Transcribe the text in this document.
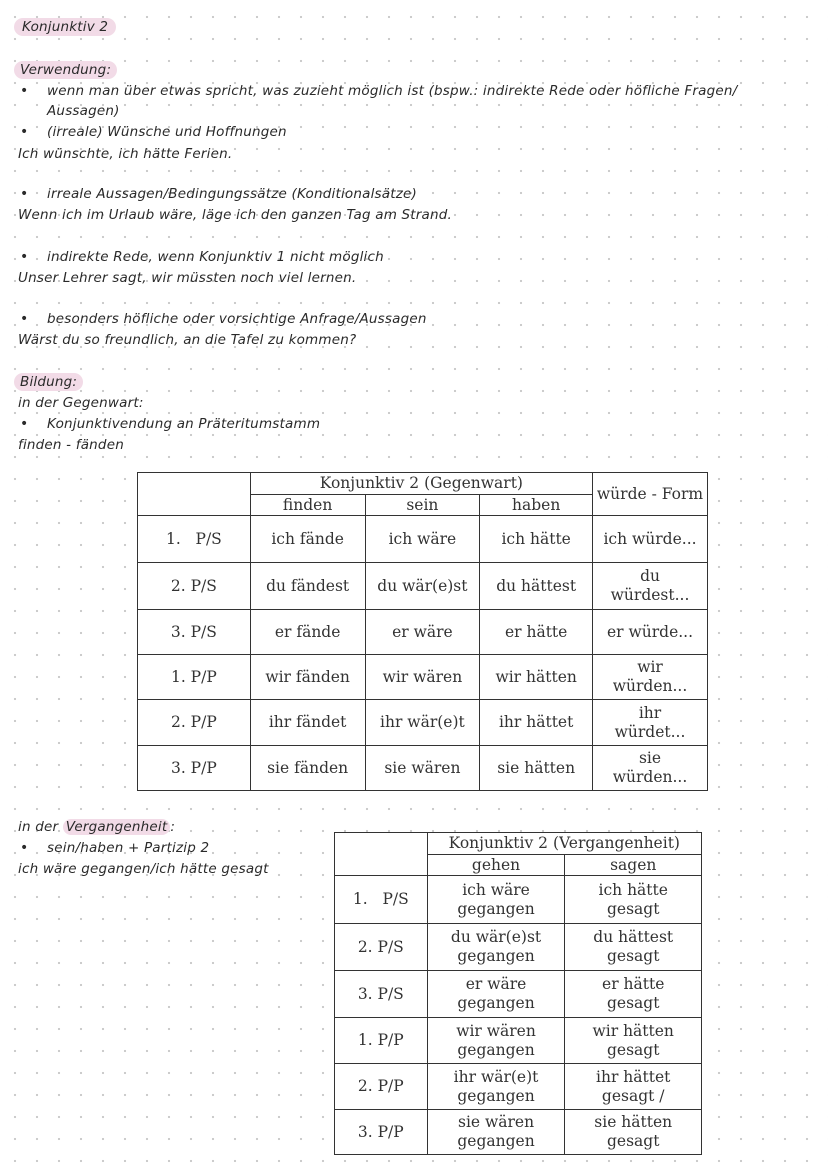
Konjunktiv 2
Verwendung:
• wenn man über etwas spricht, was zuzieht möglich ist (bspw.: indirekte Rede oder höfliche Fragen/
Aussagen)
• (irreale) Wünsche und Hoffnungen
Ich wünschte, ich hätte Ferien.
• irreale Aussagen/Bedingungssätze (Konditionalsätze)
Wenn ich im Urlaub wäre, läge ich den ganzen Tag am Strand.
• indirekte Rede, wenn Konjunktiv 1 nicht möglich
Unser Lehrer sagt, wir müssten noch viel lernen.
• besonders höfliche oder vorsichtige Anfrage/Aussagen
Wärst du so freundlich, an die Tafel zu kommen?
Bildung:
in der Gegenwart:
• Konjunktivendung an Präteritumstamm
finden - fänden
	Konjunktiv 2 (Gegenwart)			würde - Form
	finden	sein	haben	
1.   P/S	ich fände	ich wäre	ich hätte	ich würde...
2. P/S	du fändest	du wär(e)st	du hättest	du würdest...
3. P/S	er fände	er wäre	er hätte	er würde...
1. P/P	wir fänden	wir wären	wir hätten	wir würden...
2. P/P	ihr fändet	ihr wär(e)t	ihr hättet	ihr würdet...
3. P/P	sie fänden	sie wären	sie hätten	sie würden...
in der Vergangenheit :
• sein/haben + Partizip 2
ich wäre gegangen/ich hätte gesagt
	Konjunktiv 2 (Vergangenheit)	
	gehen	sagen
1.   P/S	ich wäre gegangen	ich hätte gesagt
2. P/S	du wär(e)st gegangen	du hättest gesagt
3. P/S	er wäre gegangen	er hätte gesagt
1. P/P	wir wären gegangen	wir hätten gesagt
2. P/P	ihr wär(e)t gegangen	ihr hättet gesagt /
3. P/P	sie wären gegangen	sie hätten gesagt
